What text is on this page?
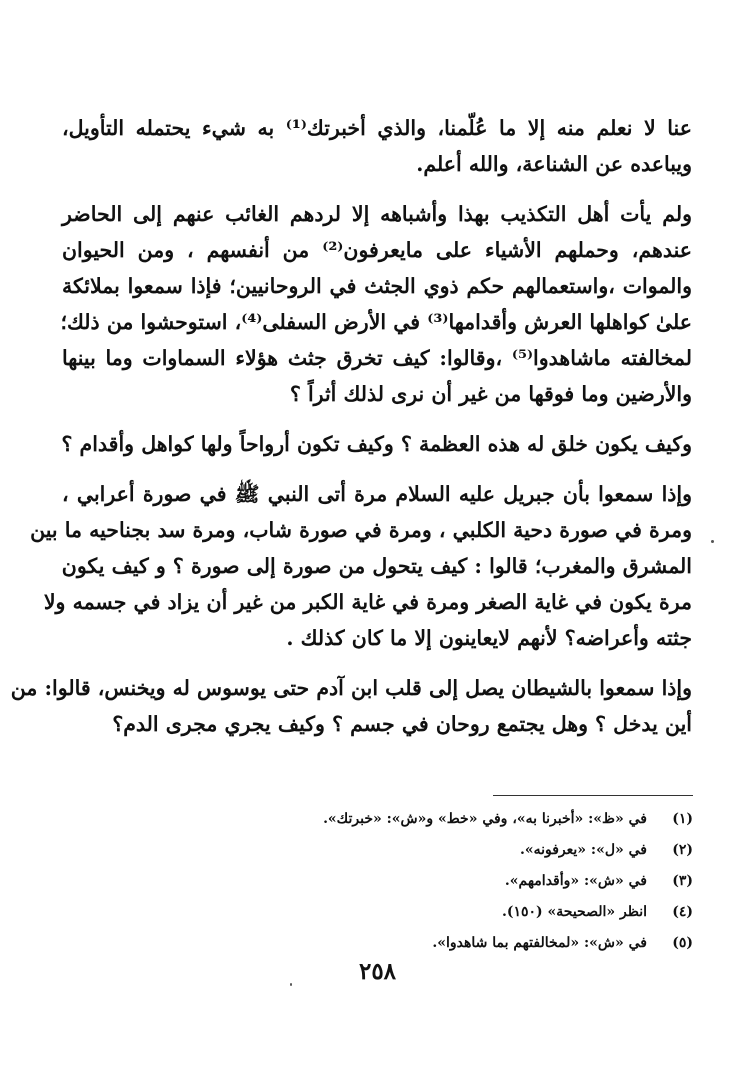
عنا لا نعلم منه إلا ما عُلّمنا، والذي أخبرتك⁽¹⁾ به شيء يحتمله التأويل،
ويباعده عن الشناعة، والله أعلم.
ولم يأت أهل التكذيب بهذا وأشباهه إلا لردهم الغائب عنهم إلى الحاضر
عندهم، وحملهم الأشياء على مايعرفون⁽²⁾ من أنفسهم ، ومن الحيوان
والموات ،واستعمالهم حكم ذوي الجثث في الروحانيين؛ فإذا سمعوا بملائكة
علىٰ كواهلها العرش وأقدامها⁽³⁾ في الأرض السفلى⁽⁴⁾، استوحشوا من ذلك؛
لمخالفته ماشاهدوا⁽⁵⁾ ،وقالوا: كيف تخرق جثث هؤلاء السماوات وما بينها
والأرضين وما فوقها من غير أن نرى لذلك أثراً ؟
وكيف يكون خلق له هذه العظمة ؟ وكيف تكون أرواحاً ولها كواهل وأقدام ؟
وإذا سمعوا بأن جبريل عليه السلام مرة أتى النبي ﷺ في صورة أعرابي ،
ومرة في صورة دحية الكلبي ، ومرة في صورة شاب، ومرة سد بجناحيه ما بين
المشرق والمغرب؛ قالوا : كيف يتحول من صورة إلى صورة ؟ و كيف يكون
مرة يكون في غاية الصغر ومرة في غاية الكبر من غير أن يزاد في جسمه ولا
جثته وأعراضه؟ لأنهم لايعاينون إلا ما كان كذلك .
وإذا سمعوا بالشيطان يصل إلى قلب ابن آدم حتى يوسوس له ويخنس، قالوا: من
أين يدخل ؟ وهل يجتمع روحان في جسم ؟ وكيف يجري مجرى الدم؟
(١)
في «ظ»: «أخبرنا به»، وفي «خط» و«ش»: «خبرتك».
(٢)
في «ل»: «يعرفونه».
(٣)
في «ش»: «وأقدامهم».
(٤)
انظر «الصحيحة» (١٥٠).
(٥)
في «ش»: «لمخالفتهم بما شاهدوا».
٢٥٨
